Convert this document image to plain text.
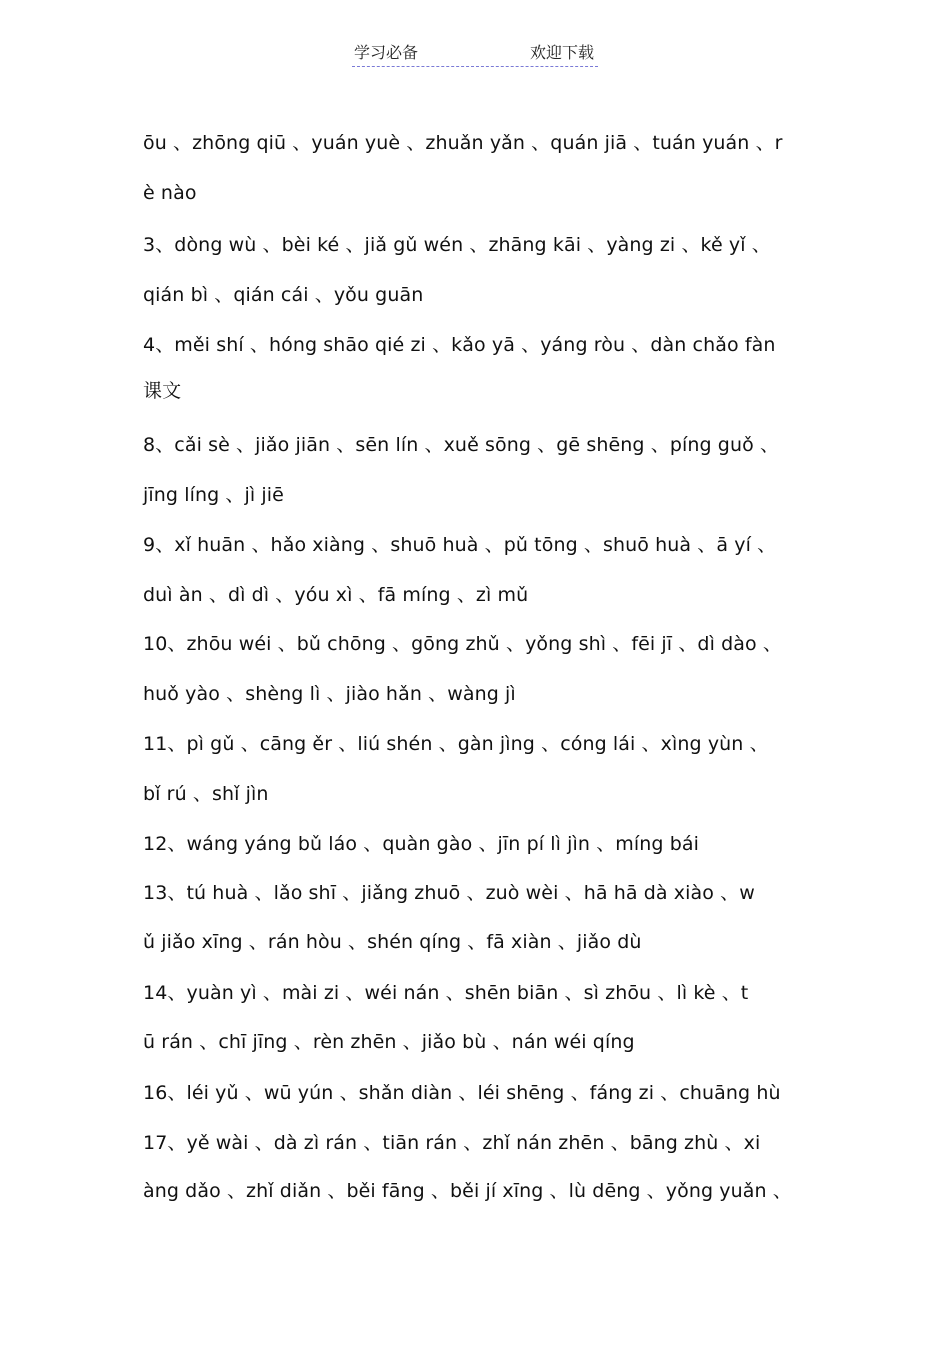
学习必备	欢迎下载
ōu 、zhōng qiū 、yuán yuè 、zhuǎn yǎn 、quán jiā 、tuán yuán 、r
è nào
3、dòng wù 、bèi ké 、jiǎ gǔ wén 、zhāng kāi 、yàng zi 、kě yǐ 、
qián bì 、qián cái 、yǒu guān
4、měi shí 、hóng shāo qié zi 、kǎo yā 、yáng ròu 、dàn chǎo fàn
课文
8、cǎi sè 、jiǎo jiān 、sēn lín 、xuě sōng 、gē shēng 、píng guǒ 、
jīng líng 、jì jiē
9、xǐ huān 、hǎo xiàng 、shuō huà 、pǔ tōng 、shuō huà 、ā yí 、
duì àn 、dì dì 、yóu xì 、fā míng 、zì mǔ
10、zhōu wéi 、bǔ chōng 、gōng zhǔ 、yǒng shì 、fēi jī 、dì dào 、
huǒ yào 、shèng lì 、jiào hǎn 、wàng jì
11、pì gǔ 、cāng ěr 、liú shén 、gàn jìng 、cóng lái 、xìng yùn 、
bǐ rú 、shǐ jìn
12、wáng yáng bǔ láo 、quàn gào 、jīn pí lì jìn 、míng bái
13、tú huà 、lǎo shī 、jiǎng zhuō 、zuò wèi 、hā hā dà xiào 、w
ǔ jiǎo xīng 、rán hòu 、shén qíng 、fā xiàn 、jiǎo dù
14、yuàn yì 、mài zi 、wéi nán 、shēn biān 、sì zhōu 、lì kè 、t
ū rán 、chī jīng 、rèn zhēn 、jiǎo bù 、nán wéi qíng
16、léi yǔ 、wū yún 、shǎn diàn 、léi shēng 、fáng zi 、chuāng hù
17、yě wài 、dà zì rán 、tiān rán 、zhǐ nán zhēn 、bāng zhù 、xi
àng dǎo 、zhǐ diǎn 、běi fāng 、běi jí xīng 、lù dēng 、yǒng yuǎn 、
